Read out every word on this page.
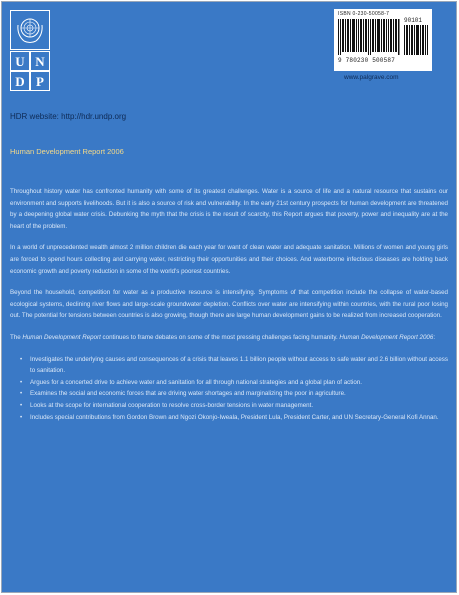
U N
D P
ISBN 0-230-50058-7
90101
9 780230 500587
www.palgrave.com
HDR website: http://hdr.undp.org
Human Development Report 2006

Throughout history water has confronted humanity with some of its greatest challenges. Water is a source of life and a natural resource that sustains our environment and supports livelihoods. But it is also a source of risk and vulnerability. In the early 21st century prospects for human development are threatened by a deepening global water crisis. Debunking the myth that the crisis is the result of scarcity, this Report argues that poverty, power and inequality are at the heart of the problem.

In a world of unprecedented wealth almost 2 million children die each year for want of clean water and adequate sanitation. Millions of women and young girls are forced to spend hours collecting and carrying water, restricting their opportunities and their choices. And waterborne infectious diseases are holding back economic growth and poverty reduction in some of the world's poorest countries.

Beyond the household, competition for water as a productive resource is intensifying. Symptoms of that competition include the collapse of water-based ecological systems, declining river flows and large-scale groundwater depletion. Conflicts over water are intensifying within countries, with the rural poor losing out. The potential for tensions between countries is also growing, though there are large human development gains to be realized from increased cooperation.

The Human Development Report continues to frame debates on some of the most pressing challenges facing humanity. Human Development Report 2006:

• Investigates the underlying causes and consequences of a crisis that leaves 1.1 billion people without access to safe water and 2.6 billion without access to sanitation.
• Argues for a concerted drive to achieve water and sanitation for all through national strategies and a global plan of action.
• Examines the social and economic forces that are driving water shortages and marginalizing the poor in agriculture.
• Looks at the scope for international cooperation to resolve cross-border tensions in water management.
• Includes special contributions from Gordon Brown and Ngozi Okonjo-Iweala, President Lula, President Carter, and UN Secretary-General Kofi Annan.
